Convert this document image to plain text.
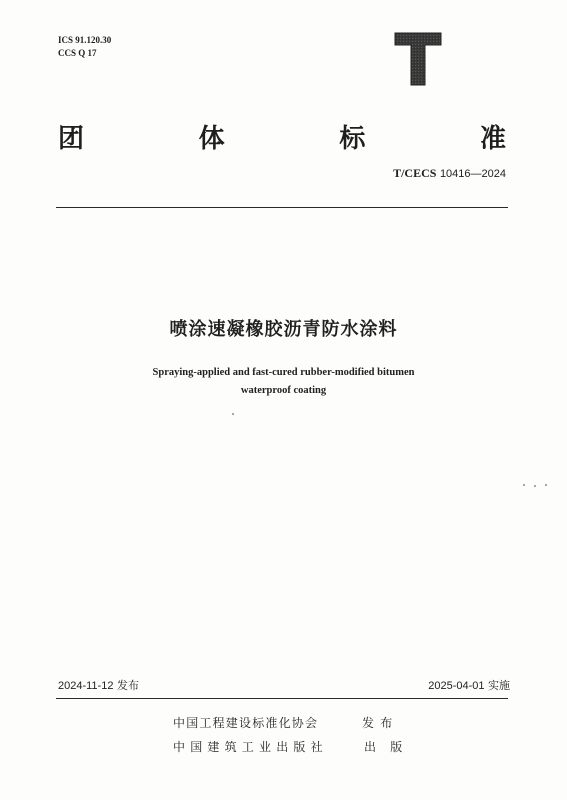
ICS 91.120.30
CCS Q 17
团	体	标	准
T/CECS 10416—2024
喷涂速凝橡胶沥青防水涂料
Spraying-applied and fast-cured rubber-modified bitumen
waterproof coating
2024-11-12 发布	2025-04-01 实施
中国工程建设标准化协会	发 布
中国建筑工业出版社	出 版
